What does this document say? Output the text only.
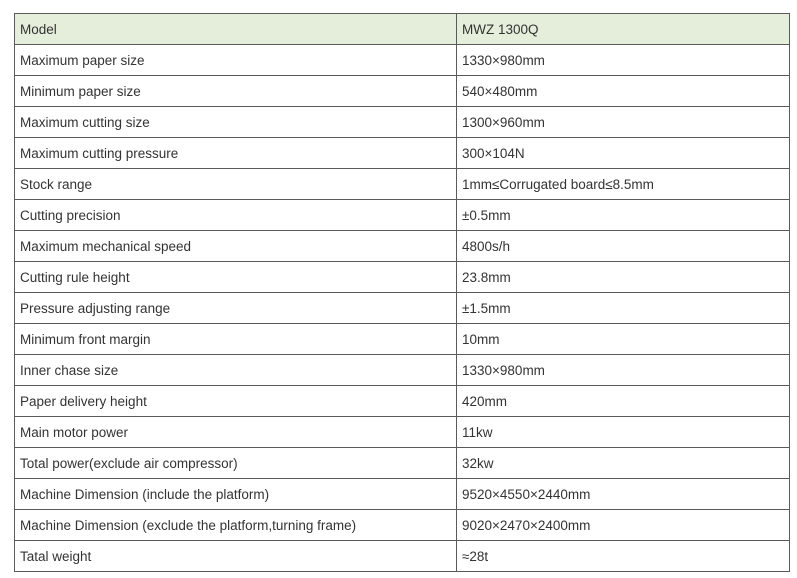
Model	MWZ 1300Q
Maximum paper size	1330×980mm
Minimum paper size	540×480mm
Maximum cutting size	1300×960mm
Maximum cutting pressure	300×104N
Stock range	1mm≤Corrugated board≤8.5mm
Cutting precision	±0.5mm
Maximum mechanical speed	4800s/h
Cutting rule height	23.8mm
Pressure adjusting range	±1.5mm
Minimum front margin	10mm
Inner chase size	1330×980mm
Paper delivery height	420mm
Main motor power	11kw
Total power(exclude air compressor)	32kw
Machine Dimension (include the platform)	9520×4550×2440mm
Machine Dimension (exclude the platform,turning frame)	9020×2470×2400mm
Tatal weight	≈28t
